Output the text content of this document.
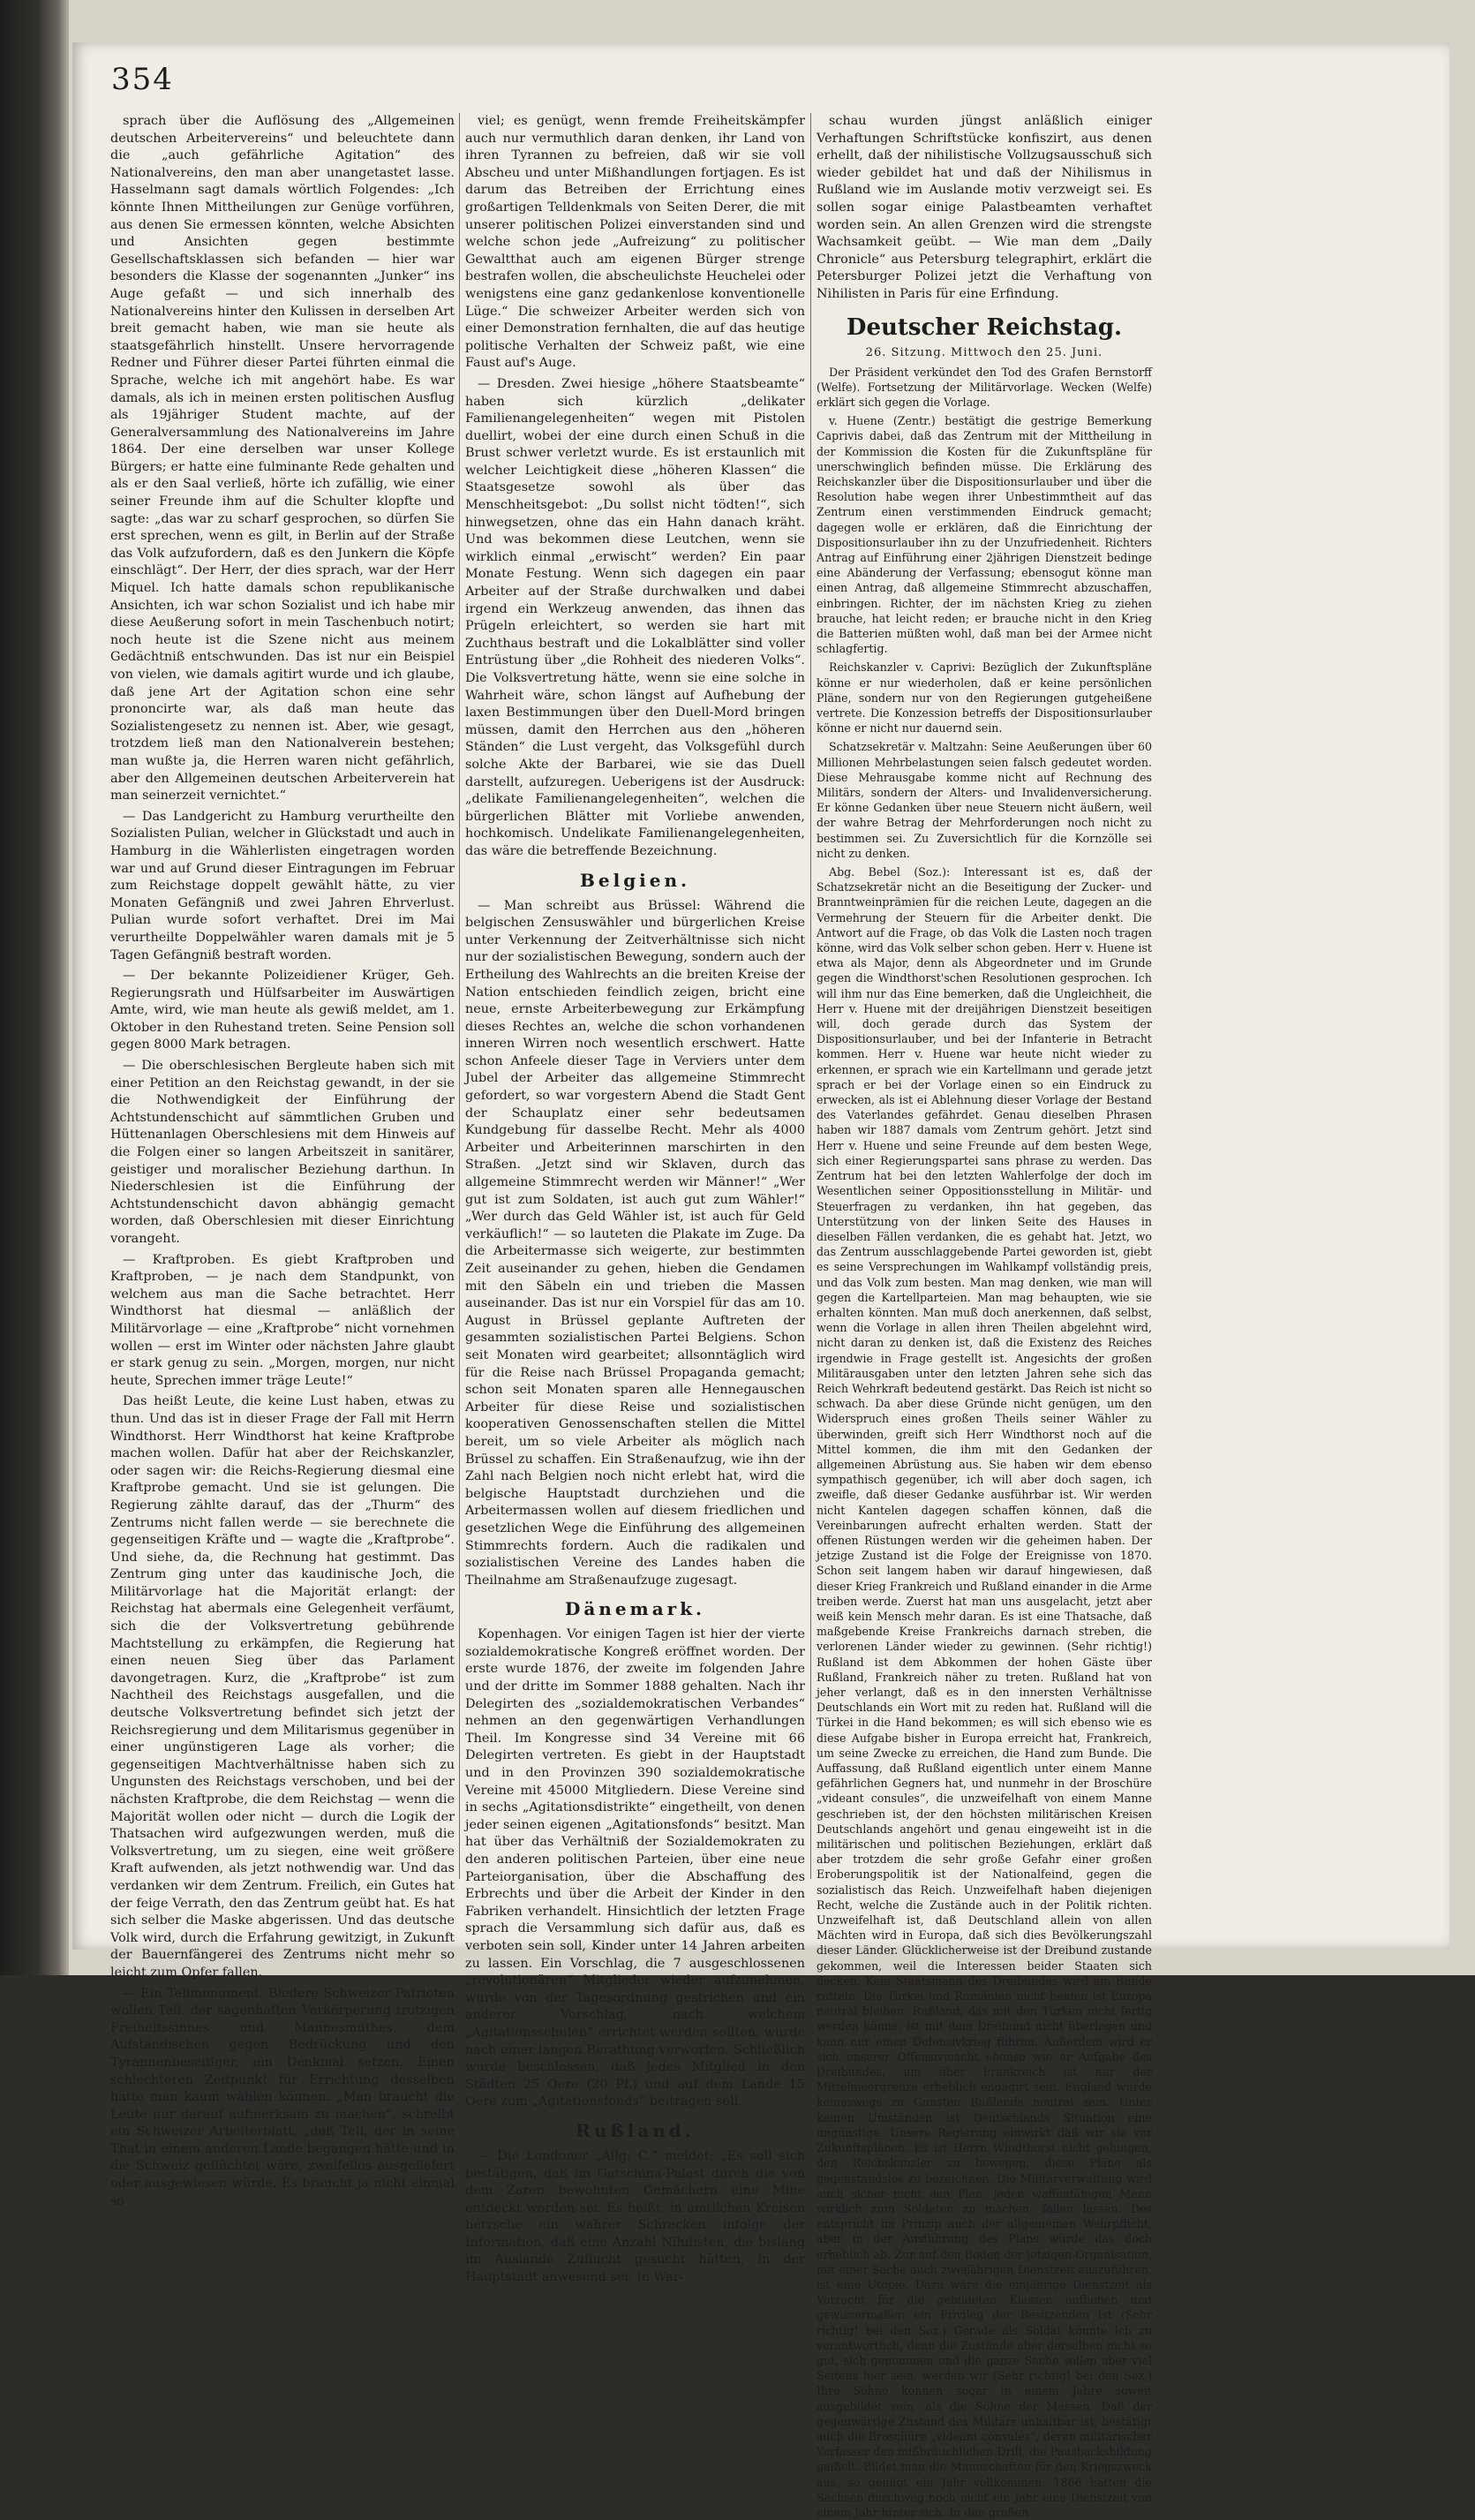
354

sprach über die Auflösung des „Allgemeinen deutschen Arbeitervereins“ und beleuchtete dann die „auch gefährliche Agitation“ des Nationalvereins, den man aber unangetastet lasse. Hasselmann sagt damals wörtlich Folgendes: „Ich könnte Ihnen Mittheilungen zur Genüge vorführen, aus denen Sie ermessen könnten, welche Absichten und Ansichten gegen bestimmte Gesellschaftsklassen sich befanden — hier war besonders die Klasse der sogenannten „Junker“ ins Auge gefaßt — und sich innerhalb des Nationalvereins hinter den Kulissen in derselben Art breit gemacht haben, wie man sie heute als staatsgefährlich hinstellt. Unsere hervorragende Redner und Führer dieser Partei führten einmal die Sprache, welche ich mit angehört habe. Es war damals, als ich in meinen ersten politischen Ausflug als 19jähriger Student machte, auf der Generalversammlung des Nationalvereins im Jahre 1864. Der eine derselben war unser Kollege Bürgers; er hatte eine fulminante Rede gehalten und als er den Saal verließ, hörte ich zufällig, wie einer seiner Freunde ihm auf die Schulter klopfte und sagte: „das war zu scharf gesprochen, so dürfen Sie erst sprechen, wenn es gilt, in Berlin auf der Straße das Volk aufzufordern, daß es den Junkern die Köpfe einschlägt“. Der Herr, der dies sprach, war der Herr Miquel. Ich hatte damals schon republikanische Ansichten, ich war schon Sozialist und ich habe mir diese Aeußerung sofort in mein Taschenbuch notirt; noch heute ist die Szene nicht aus meinem Gedächtniß entschwunden. Das ist nur ein Beispiel von vielen, wie damals agitirt wurde und ich glaube, daß jene Art der Agitation schon eine sehr prononcirte war, als daß man heute das Sozialistengesetz zu nennen ist. Aber, wie gesagt, trotzdem ließ man den Nationalverein bestehen; man wußte ja, die Herren waren nicht gefährlich, aber den Allgemeinen deutschen Arbeiterverein hat man seinerzeit vernichtet.“

— Das Landgericht zu Hamburg verurtheilte den Sozialisten Pulian, welcher in Glückstadt und auch in Hamburg in die Wählerlisten eingetragen worden war und auf Grund dieser Eintragungen im Februar zum Reichstage doppelt gewählt hätte, zu vier Monaten Gefängniß und zwei Jahren Ehrverlust. Pulian wurde sofort verhaftet. Drei im Mai verurtheilte Doppelwähler waren damals mit je 5 Tagen Gefängniß bestraft worden.

— Der bekannte Polizeidiener Krüger, Geh. Regierungsrath und Hülfsarbeiter im Auswärtigen Amte, wird, wie man heute als gewiß meldet, am 1. Oktober in den Ruhestand treten. Seine Pension soll gegen 8000 Mark betragen.

— Die oberschlesischen Bergleute haben sich mit einer Petition an den Reichstag gewandt, in der sie die Nothwendigkeit der Einführung der Achtstundenschicht auf sämmtlichen Gruben und Hüttenanlagen Oberschlesiens mit dem Hinweis auf die Folgen einer so langen Arbeitszeit in sanitärer, geistiger und moralischer Beziehung darthun. In Niederschlesien ist die Einführung der Achtstundenschicht davon abhängig gemacht worden, daß Oberschlesien mit dieser Einrichtung vorangeht.

— Kraftproben. Es giebt Kraftproben und Kraftproben, — je nach dem Standpunkt, von welchem aus man die Sache betrachtet. Herr Windthorst hat diesmal — anläßlich der Militärvorlage — eine „Kraftprobe“ nicht vornehmen wollen — erst im Winter oder nächsten Jahre glaubt er stark genug zu sein. „Morgen, morgen, nur nicht heute, Sprechen immer träge Leute!“

Das heißt Leute, die keine Lust haben, etwas zu thun. Und das ist in dieser Frage der Fall mit Herrn Windthorst. Herr Windthorst hat keine Kraftprobe machen wollen. Dafür hat aber der Reichskanzler, oder sagen wir: die Reichs-Regierung diesmal eine Kraftprobe gemacht. Und sie ist gelungen. Die Regierung zählte darauf, das der „Thurm“ des Zentrums nicht fallen werde — sie berechnete die gegenseitigen Kräfte und — wagte die „Kraftprobe“. Und siehe, da, die Rechnung hat gestimmt. Das Zentrum ging unter das kaudinische Joch, die Militärvorlage hat die Majorität erlangt: der Reichstag hat abermals eine Gelegenheit verfäumt, sich die der Volksvertretung gebührende Machtstellung zu erkämpfen, die Regierung hat einen neuen Sieg über das Parlament davongetragen. Kurz, die „Kraftprobe“ ist zum Nachtheil des Reichstags ausgefallen, und die deutsche Volksvertretung befindet sich jetzt der Reichsregierung und dem Militarismus gegenüber in einer ungünstigeren Lage als vorher; die gegenseitigen Machtverhältnisse haben sich zu Ungunsten des Reichstags verschoben, und bei der nächsten Kraftprobe, die dem Reichstag — wenn die Majorität wollen oder nicht — durch die Logik der Thatsachen wird aufgezwungen werden, muß die Volksvertretung, um zu siegen, eine weit größere Kraft aufwenden, als jetzt nothwendig war. Und das verdanken wir dem Zentrum. Freilich, ein Gutes hat der feige Verrath, den das Zentrum geübt hat. Es hat sich selber die Maske abgerissen. Und das deutsche Volk wird, durch die Erfahrung gewitzigt, in Zukunft der Bauernfängerei des Zentrums nicht mehr so leicht zum Opfer fallen.

— Ein Tellmonument. Biedere Schweizer Patrioten wollen Tell, der sagenhaften Verkörperung trotzigen Freiheitssinnes und Mannesmuthes, dem Aufständischen gegen Bedrückung und den Tyrannenbeseitiger, ein Denkmal setzen. Einen schlechteren Zeitpunkt für Errichtung desselben hätte man kaum wählen können. „Man braucht die Leute nur darauf aufmerksam zu machen“, schreibt ein Schweizer Arbeiterblatt, „daß Tell, der in seine That in einem anderen Lande begangen hätte und in die Schweiz geflüchtet wäre, zweifellos ausgeliefert oder ausgewiesen würde. Es braucht ja nicht einmal so

viel; es genügt, wenn fremde Freiheitskämpfer auch nur vermuthlich daran denken, ihr Land von ihren Tyrannen zu befreien, daß wir sie voll Abscheu und unter Mißhandlungen fortjagen. Es ist darum das Betreiben der Errichtung eines großartigen Telldenkmals von Seiten Derer, die mit unserer politischen Polizei einverstanden sind und welche schon jede „Aufreizung“ zu politischer Gewaltthat auch am eigenen Bürger strenge bestrafen wollen, die abscheulichste Heuchelei oder wenigstens eine ganz gedankenlose konventionelle Lüge.“ Die schweizer Arbeiter werden sich von einer Demonstration fernhalten, die auf das heutige politische Verhalten der Schweiz paßt, wie eine Faust auf's Auge.

— Dresden. Zwei hiesige „höhere Staatsbeamte“ haben sich kürzlich „delikater Familienangelegenheiten“ wegen mit Pistolen duellirt, wobei der eine durch einen Schuß in die Brust schwer verletzt wurde. Es ist erstaunlich mit welcher Leichtigkeit diese „höheren Klassen“ die Staatsgesetze sowohl als über das Menschheitsgebot: „Du sollst nicht tödten!“, sich hinwegsetzen, ohne das ein Hahn danach kräht. Und was bekommen diese Leutchen, wenn sie wirklich einmal „erwischt“ werden? Ein paar Monate Festung. Wenn sich dagegen ein paar Arbeiter auf der Straße durchwalken und dabei irgend ein Werkzeug anwenden, das ihnen das Prügeln erleichtert, so werden sie hart mit Zuchthaus bestraft und die Lokalblätter sind voller Entrüstung über „die Rohheit des niederen Volks“. Die Volksvertretung hätte, wenn sie eine solche in Wahrheit wäre, schon längst auf Aufhebung der laxen Bestimmungen über den Duell-Mord bringen müssen, damit den Herrchen aus den „höheren Ständen“ die Lust vergeht, das Volksgefühl durch solche Akte der Barbarei, wie sie das Duell darstellt, aufzuregen. Ueberigens ist der Ausdruck: „delikate Familienangelegenheiten“, welchen die bürgerlichen Blätter mit Vorliebe anwenden, hochkomisch. Undelikate Familienangelegenheiten, das wäre die betreffende Bezeichnung.

Belgien.

— Man schreibt aus Brüssel: Während die belgischen Zensuswähler und bürgerlichen Kreise unter Verkennung der Zeitverhältnisse sich nicht nur der sozialistischen Bewegung, sondern auch der Ertheilung des Wahlrechts an die breiten Kreise der Nation entschieden feindlich zeigen, bricht eine neue, ernste Arbeiterbewegung zur Erkämpfung dieses Rechtes an, welche die schon vorhandenen inneren Wirren noch wesentlich erschwert. Hatte schon Anfeele dieser Tage in Verviers unter dem Jubel der Arbeiter das allgemeine Stimmrecht gefordert, so war vorgestern Abend die Stadt Gent der Schauplatz einer sehr bedeutsamen Kundgebung für dasselbe Recht. Mehr als 4000 Arbeiter und Arbeiterinnen marschirten in den Straßen. „Jetzt sind wir Sklaven, durch das allgemeine Stimmrecht werden wir Männer!“ „Wer gut ist zum Soldaten, ist auch gut zum Wähler!“ „Wer durch das Geld Wähler ist, ist auch für Geld verkäuflich!“ — so lauteten die Plakate im Zuge. Da die Arbeitermasse sich weigerte, zur bestimmten Zeit auseinander zu gehen, hieben die Gendamen mit den Säbeln ein und trieben die Massen auseinander. Das ist nur ein Vorspiel für das am 10. August in Brüssel geplante Auftreten der gesammten sozialistischen Partei Belgiens. Schon seit Monaten wird gearbeitet; allsonntäglich wird für die Reise nach Brüssel Propaganda gemacht; schon seit Monaten sparen alle Hennegauschen Arbeiter für diese Reise und sozialistischen kooperativen Genossenschaften stellen die Mittel bereit, um so viele Arbeiter als möglich nach Brüssel zu schaffen. Ein Straßenaufzug, wie ihn der Zahl nach Belgien noch nicht erlebt hat, wird die belgische Hauptstadt durchziehen und die Arbeitermassen wollen auf diesem friedlichen und gesetzlichen Wege die Einführung des allgemeinen Stimmrechts fordern. Auch die radikalen und sozialistischen Vereine des Landes haben die Theilnahme am Straßenaufzuge zugesagt.

Dänemark.

Kopenhagen. Vor einigen Tagen ist hier der vierte sozialdemokratische Kongreß eröffnet worden. Der erste wurde 1876, der zweite im folgenden Jahre und der dritte im Sommer 1888 gehalten. Nach ihr Delegirten des „sozialdemokratischen Verbandes“ nehmen an den gegenwärtigen Verhandlungen Theil. Im Kongresse sind 34 Vereine mit 66 Delegirten vertreten. Es giebt in der Hauptstadt und in den Provinzen 390 sozialdemokratische Vereine mit 45000 Mitgliedern. Diese Vereine sind in sechs „Agitationsdistrikte“ eingetheilt, von denen jeder seinen eigenen „Agitationsfonds“ besitzt. Man hat über das Verhältniß der Sozialdemokraten zu den anderen politischen Parteien, über eine neue Parteiorganisation, über die Abschaffung des Erbrechts und über die Arbeit der Kinder in den Fabriken verhandelt. Hinsichtlich der letzten Frage sprach die Versammlung sich dafür aus, daß es verboten sein soll, Kinder unter 14 Jahren arbeiten zu lassen. Ein Vorschlag, die 7 ausgeschlossenen „revolutionären“ Mitglieder wieder aufzunehmen, wurde von der Tagesordnung gestrichen und ein anderer Vorschlag, nach welchem „Agitationsschulen“ errichtet werden sollten, wurde nach einer langen Berathung verworfen. Schließlich wurde beschlossen, daß jedes Mitglied in den Städten 25 Oere (20 Pf.) und auf dem Lande 15 Oere zum „Agitationsfonds“ beitragen soll.

Rußland.

— Die Londoner „Allg. C.“ meldet: „Es soll sich bestätigen, daß im Gatschina-Palast durch die von dem Zaren bewohnten Gemächern eine Mine entdeckt worden sei. Es heißt, in amtlichen Kreisen herrsche ein wahrer Schrecken infolge der Information, daß eine Anzahl Nihilisten, die bislang im Auslande Zuflucht gesucht hätten, in der Hauptstadt anwesend sei. In War-

schau wurden jüngst anläßlich einiger Verhaftungen Schriftstücke konfiszirt, aus denen erhellt, daß der nihilistische Vollzugsausschuß sich wieder gebildet hat und daß der Nihilismus in Rußland wie im Auslande motiv verzweigt sei. Es sollen sogar einige Palastbeamten verhaftet worden sein. An allen Grenzen wird die strengste Wachsamkeit geübt. — Wie man dem „Daily Chronicle“ aus Petersburg telegraphirt, erklärt die Petersburger Polizei jetzt die Verhaftung von Nihilisten in Paris für eine Erfindung.

Deutscher Reichstag.
26. Sitzung. Mittwoch den 25. Juni.

Der Präsident verkündet den Tod des Grafen Bernstorff (Welfe). Fortsetzung der Militärvorlage. Wecken (Welfe) erklärt sich gegen die Vorlage.

v. Huene (Zentr.) bestätigt die gestrige Bemerkung Caprivis dabei, daß das Zentrum mit der Mittheilung in der Kommission die Kosten für die Zukunftspläne für unerschwinglich befinden müsse. Die Erklärung des Reichskanzler über die Dispositionsurlauber und über die Resolution habe wegen ihrer Unbestimmtheit auf das Zentrum einen verstimmenden Eindruck gemacht; dagegen wolle er erklären, daß die Einrichtung der Dispositionsurlauber ihn zu der Unzufriedenheit. Richters Antrag auf Einführung einer 2jährigen Dienstzeit bedinge eine Abänderung der Verfassung; ebensogut könne man einen Antrag, daß allgemeine Stimmrecht abzuschaffen, einbringen. Richter, der im nächsten Krieg zu ziehen brauche, hat leicht reden; er brauche nicht in den Krieg die Batterien müßten wohl, daß man bei der Armee nicht schlagfertig.

Reichskanzler v. Caprivi: Bezüglich der Zukunftspläne könne er nur wiederholen, daß er keine persönlichen Pläne, sondern nur von den Regierungen gutgeheißene vertrete. Die Konzession betreffs der Dispositionsurlauber könne er nicht nur dauernd sein.

Schatzsekretär v. Maltzahn: Seine Aeußerungen über 60 Millionen Mehrbelastungen seien falsch gedeutet worden. Diese Mehrausgabe komme nicht auf Rechnung des Militärs, sondern der Alters- und Invalidenversicherung. Er könne Gedanken über neue Steuern nicht äußern, weil der wahre Betrag der Mehrforderungen noch nicht zu bestimmen sei. Zu Zuversichtlich für die Kornzölle sei nicht zu denken.

Abg. Bebel (Soz.): Interessant ist es, daß der Schatzsekretär nicht an die Beseitigung der Zucker- und Branntweinprämien für die reichen Leute, dagegen an die Vermehrung der Steuern für die Arbeiter denkt. Die Antwort auf die Frage, ob das Volk die Lasten noch tragen könne, wird das Volk selber schon geben. Herr v. Huene ist etwa als Major, denn als Abgeordneter und im Grunde gegen die Windthorst'schen Resolutionen gesprochen. Ich will ihm nur das Eine bemerken, daß die Ungleichheit, die Herr v. Huene mit der dreijährigen Dienstzeit beseitigen will, doch gerade durch das System der Dispositionsurlauber, und bei der Infanterie in Betracht kommen. Herr v. Huene war heute nicht wieder zu erkennen, er sprach wie ein Kartellmann und gerade jetzt sprach er bei der Vorlage einen so ein Eindruck zu erwecken, als ist ei Ablehnung dieser Vorlage der Bestand des Vaterlandes gefährdet. Genau dieselben Phrasen haben wir 1887 damals vom Zentrum gehört. Jetzt sind Herr v. Huene und seine Freunde auf dem besten Wege, sich einer Regierungspartei sans phrase zu werden. Das Zentrum hat bei den letzten Wahlerfolge der doch im Wesentlichen seiner Oppositionsstellung in Militär- und Steuerfragen zu verdanken, ihn hat gegeben, das Unterstützung von der linken Seite des Hauses in dieselben Fällen verdanken, die es gehabt hat. Jetzt, wo das Zentrum ausschlaggebende Partei geworden ist, giebt es seine Versprechungen im Wahlkampf vollständig preis, und das Volk zum besten. Man mag denken, wie man will gegen die Kartellparteien. Man mag behaupten, wie sie erhalten könnten. Man muß doch anerkennen, daß selbst, wenn die Vorlage in allen ihren Theilen abgelehnt wird, nicht daran zu denken ist, daß die Existenz des Reiches irgendwie in Frage gestellt ist. Angesichts der großen Militärausgaben unter den letzten Jahren sehe sich das Reich Wehrkraft bedeutend gestärkt. Das Reich ist nicht so schwach. Da aber diese Gründe nicht genügen, um den Widerspruch eines großen Theils seiner Wähler zu überwinden, greift sich Herr Windthorst noch auf die Mittel kommen, die ihm mit den Gedanken der allgemeinen Abrüstung aus. Sie haben wir dem ebenso sympathisch gegenüber, ich will aber doch sagen, ich zweifle, daß dieser Gedanke ausführbar ist. Wir werden nicht Kantelen dagegen schaffen können, daß die Vereinbarungen aufrecht erhalten werden. Statt der offenen Rüstungen werden wir die geheimen haben. Der jetzige Zustand ist die Folge der Ereignisse von 1870. Schon seit langem haben wir darauf hingewiesen, daß dieser Krieg Frankreich und Rußland einander in die Arme treiben werde. Zuerst hat man uns ausgelacht, jetzt aber weiß kein Mensch mehr daran. Es ist eine Thatsache, daß maßgebende Kreise Frankreichs darnach streben, die verlorenen Länder wieder zu gewinnen. (Sehr richtig!) Rußland ist dem Abkommen der hohen Gäste über Rußland, Frankreich näher zu treten. Rußland hat von jeher verlangt, daß es in den innersten Verhältnisse Deutschlands ein Wort mit zu reden hat. Rußland will die Türkei in die Hand bekommen; es will sich ebenso wie es diese Aufgabe bisher in Europa erreicht hat, Frankreich, um seine Zwecke zu erreichen, die Hand zum Bunde. Die Auffassung, daß Rußland eigentlich unter einem Manne gefährlichen Gegners hat, und nunmehr in der Broschüre „videant consules“, die unzweifelhaft von einem Manne geschrieben ist, der den höchsten militärischen Kreisen Deutschlands angehört und genau eingeweiht ist in die militärischen und politischen Beziehungen, erklärt daß aber trotzdem die sehr große Gefahr einer großen Eroberungspolitik ist der Nationalfeind, gegen die sozialistisch das Reich. Unzweifelhaft haben diejenigen Recht, welche die Zustände auch in der Politik richten. Unzweifelhaft ist, daß Deutschland allein von allen Mächten wird in Europa, daß sich dies Bevölkerungszahl dieser Länder. Glücklicherweise ist der Dreibund zustande gekommen, weil die Interessen beider Staaten sich decken. Kein Staatsmann des Dreibundes wird am Bunde rütteln. Die Türkei und Rumänien nicht beiden ist Europa neutral bleiben. Rußland, das mit den Türken nicht fertig werden könne, ist mit dem Dreibund nicht überlegen und kann nur einen Defensivkrieg führen. Außerdem wird er sich unserer Offensivmacht ebenso wie er Aufgabe des Dreibundes, um über Frankreich ist nur der Mittelmeergrenze erheblich engagirt sein. England würde keineswegs zu Gunsten Rußlands neutral sein. Unter keinen Umständen ist Deutschlands Situation eine ungünstige. Unsere Regierung einwirkt daß wir sie vor Zukunftsplänen. Es ist Herrn Windthorst nicht gelungen, den Reichskanzler zu bewegen, diese Pläne als gegenstandslos zu bezeichnen. Die Militärverwaltung wird auch sicher nicht den Plan, jeden waffenfähigen Mann wirklich zum Soldaten zu machen, fallen lassen. Des entspricht im Prinzip auch der allgemeinen Wehrpflicht, aber in der Ausführung des Plans würde das doch erheblich ab. Zur auf den Boden der jetzigen Organisation, mit einer Sache auch zweijährigen Dienstzeit auszuführen, ist eine Utopie. Dazu wäre die einjährige Dienstzeit als Vorrecht für die gebildeten Klassen aufheben und gewissermaßen ein Privileg der Besitzenden ist (Sehr richtig! bei den Soz.) Gerade als Soldat könnte ich zu verantwortlich, denn die Zustände aber derselben nicht so gut, sich genommen und die ganze Sache sollen aber viel Seitens hier sein, werden wir (Sehr richtig! bei den Soz.) Ihre Söhne können sogar in einem Jahre soweit ausgebildet sein, als die Söhne der Massen. Daß der gegenwärtige Zustand des Militärs unhaltbar ist, bestätigt auch die Broschüre „videant consules“, deren militärischer Verfasser den mißbräuchlichen Drill, die Pausbacksbildung geißelt. Bildet man die Mannschaften für den Kriegszweck aus, so genügt ein Jahr vollkommen. 1866 hatten die Sachsen durchweg noch nicht ein Jahr eine Dienstzeit von einem Jahr hinter sich. In den großen
